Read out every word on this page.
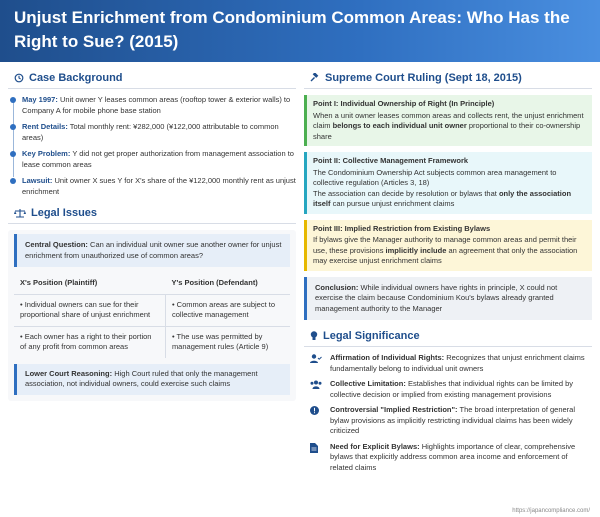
Unjust Enrichment from Condominium Common Areas: Who Has the Right to Sue? (2015)
Case Background
May 1997: Unit owner Y leases common areas (rooftop tower & exterior walls) to Company A for mobile phone base station
Rent Details: Total monthly rent: ¥282,000 (¥122,000 attributable to common areas)
Key Problem: Y did not get proper authorization from management association to lease common areas
Lawsuit: Unit owner X sues Y for X's share of the ¥122,000 monthly rent as unjust enrichment
Legal Issues
Central Question: Can an individual unit owner sue another owner for unjust enrichment from unauthorized use of common areas?
X's Position (Plaintiff)	Y's Position (Defendant)
• Individual owners can sue for their proportional share of unjust enrichment	• Common areas are subject to collective management
• Each owner has a right to their portion of any profit from common areas	• The use was permitted by management rules (Article 9)
Lower Court Reasoning: High Court ruled that only the management association, not individual owners, could exercise such claims
Supreme Court Ruling (Sept 18, 2015)
Point I: Individual Ownership of Right (In Principle)
When a unit owner leases common areas and collects rent, the unjust enrichment claim belongs to each individual unit owner proportional to their co-ownership share
Point II: Collective Management Framework
The Condominium Ownership Act subjects common area management to collective regulation (Articles 3, 18)
The association can decide by resolution or bylaws that only the association itself can pursue unjust enrichment claims
Point III: Implied Restriction from Existing Bylaws
If bylaws give the Manager authority to manage common areas and permit their use, these provisions implicitly include an agreement that only the association may exercise unjust enrichment claims
Conclusion: While individual owners have rights in principle, X could not exercise the claim because Condominium Kou's bylaws already granted management authority to the Manager
Legal Significance
Affirmation of Individual Rights: Recognizes that unjust enrichment claims fundamentally belong to individual unit owners
Collective Limitation: Establishes that individual rights can be limited by collective decision or implied from existing management provisions
Controversial "Implied Restriction": The broad interpretation of general bylaw provisions as implicitly restricting individual claims has been widely criticized
Need for Explicit Bylaws: Highlights importance of clear, comprehensive bylaws that explicitly address common area income and enforcement of related claims
https://japancompliance.com/
